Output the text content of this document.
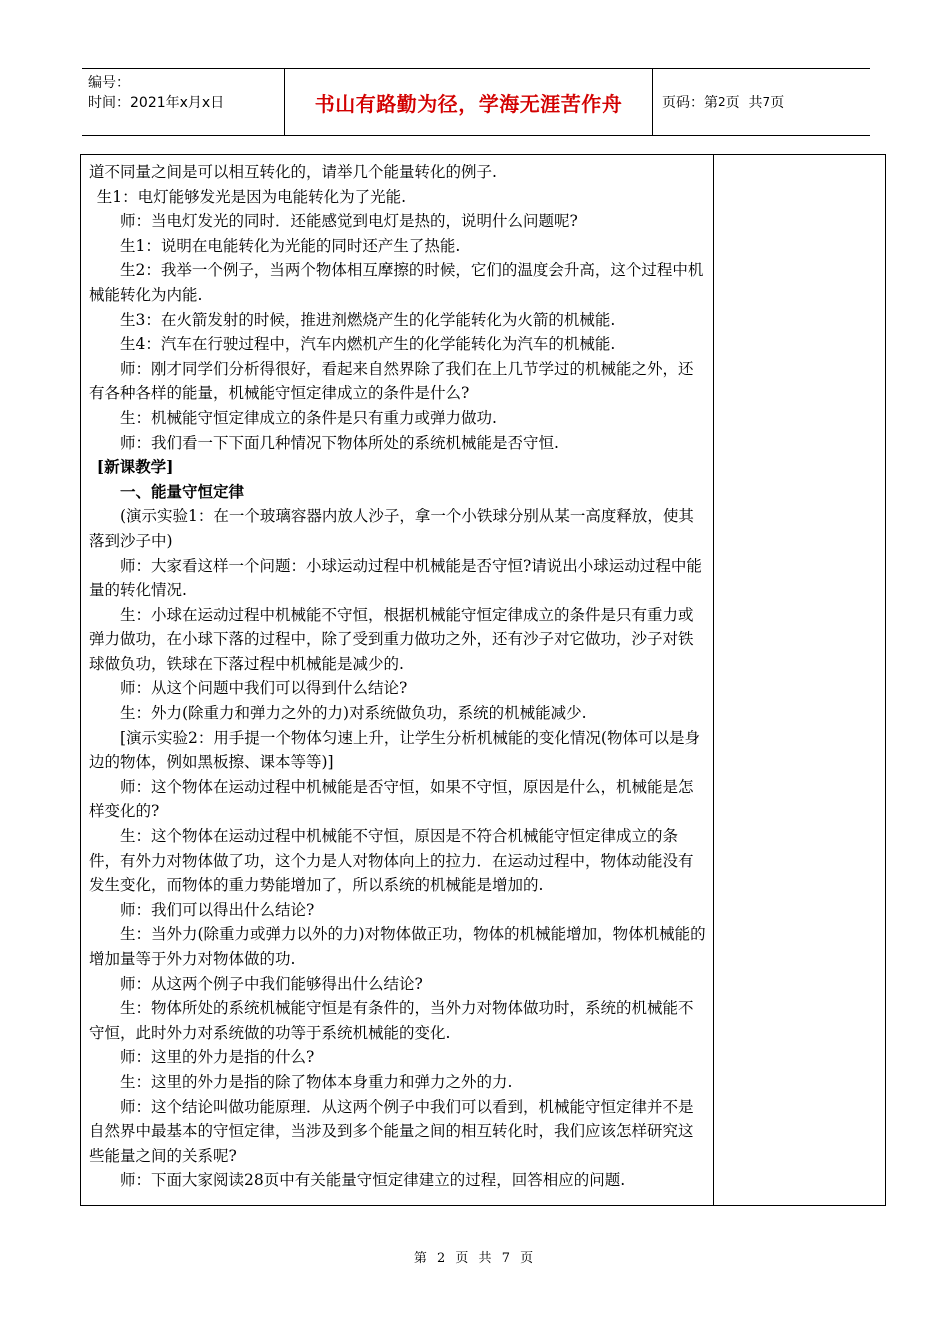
编号：
时间：2021年x月x日	书山有路勤为径，学海无涯苦作舟	页码：第 2 页  共 7 页

道不同量之间是可以相互转化的，请举几个能量转化的例子.

生1：电灯能够发光是因为电能转化为了光能.

师：当电灯发光的同时．还能感觉到电灯是热的，说明什么问题呢?

生1：说明在电能转化为光能的同时还产生了热能.

生2：我举一个例子，当两个物体相互摩擦的时候，它们的温度会升高，这个过程中机械能转化为内能.

生3：在火箭发射的时候，推进剂燃烧产生的化学能转化为火箭的机械能.

生4：汽车在行驶过程中，汽车内燃机产生的化学能转化为汽车的机械能.

师：刚才同学们分析得很好，看起来自然界除了我们在上几节学过的机械能之外，还有各种各样的能量，机械能守恒定律成立的条件是什么?

生：机械能守恒定律成立的条件是只有重力或弹力做功.

师：我们看一下下面几种情况下物体所处的系统机械能是否守恒.

[新课教学]

一、能量守恒定律

(演示实验1：在一个玻璃容器内放人沙子，拿一个小铁球分别从某一高度释放，使其落到沙子中)

师：大家看这样一个问题：小球运动过程中机械能是否守恒?请说出小球运动过程中能量的转化情况.

生：小球在运动过程中机械能不守恒，根据机械能守恒定律成立的条件是只有重力或弹力做功，在小球下落的过程中，除了受到重力做功之外，还有沙子对它做功，沙子对铁球做负功，铁球在下落过程中机械能是减少的.

师：从这个问题中我们可以得到什么结论?

生：外力(除重力和弹力之外的力)对系统做负功，系统的机械能减少.

[演示实验2：用手提一个物体匀速上升，让学生分析机械能的变化情况(物体可以是身边的物体，例如黑板擦、课本等等)]

师：这个物体在运动过程中机械能是否守恒，如果不守恒，原因是什么，机械能是怎样变化的?

生：这个物体在运动过程中机械能不守恒，原因是不符合机械能守恒定律成立的条件，有外力对物体做了功，这个力是人对物体向上的拉力．在运动过程中，物体动能没有发生变化，而物体的重力势能增加了，所以系统的机械能是增加的.

师：我们可以得出什么结论?

生：当外力(除重力或弹力以外的力)对物体做正功，物体的机械能增加，物体机械能的增加量等于外力对物体做的功.

师：从这两个例子中我们能够得出什么结论?

生：物体所处的系统机械能守恒是有条件的，当外力对物体做功时，系统的机械能不守恒，此时外力对系统做的功等于系统机械能的变化.

师：这里的外力是指的什么?

生：这里的外力是指的除了物体本身重力和弹力之外的力.

师：这个结论叫做功能原理．从这两个例子中我们可以看到，机械能守恒定律并不是自然界中最基本的守恒定律，当涉及到多个能量之间的相互转化时，我们应该怎样研究这些能量之间的关系呢?

师：下面大家阅读28页中有关能量守恒定律建立的过程，回答相应的问题.

第 2 页 共 7 页
